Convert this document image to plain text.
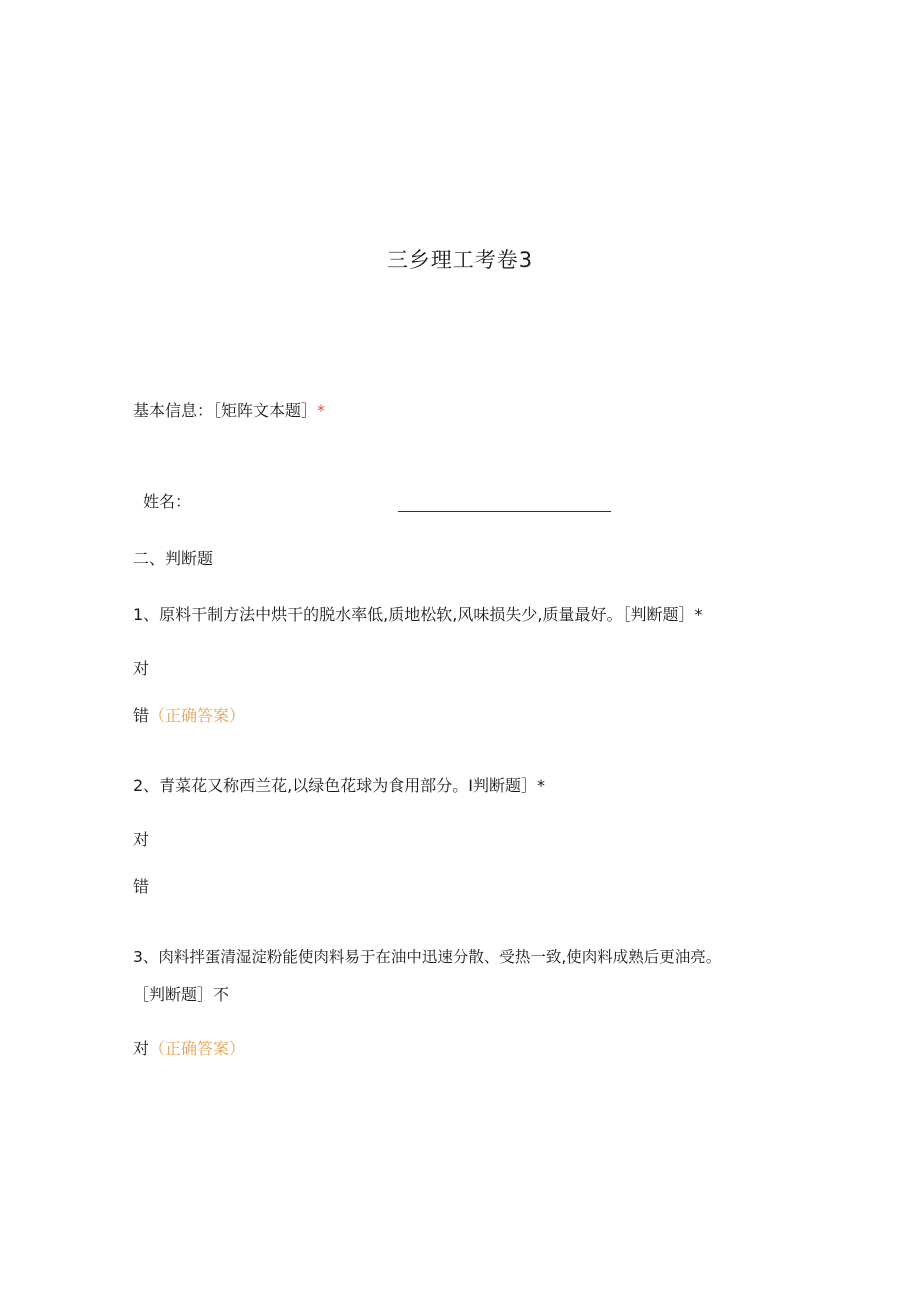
三乡理工考卷3
基本信息：［矩阵文本题］*
姓名：
二、判断题
1、原料干制方法中烘干的脱水率低,质地松软,风味损失少,质量最好。［判断题］*
对
错（正确答案）
2、青菜花又称西兰花,以绿色花球为食用部分。I判断题］*
对
错
3、肉料拌蛋清湿淀粉能使肉料易于在油中迅速分散、受热一致,使肉料成熟后更油亮。
［判断题］不
对（正确答案）
